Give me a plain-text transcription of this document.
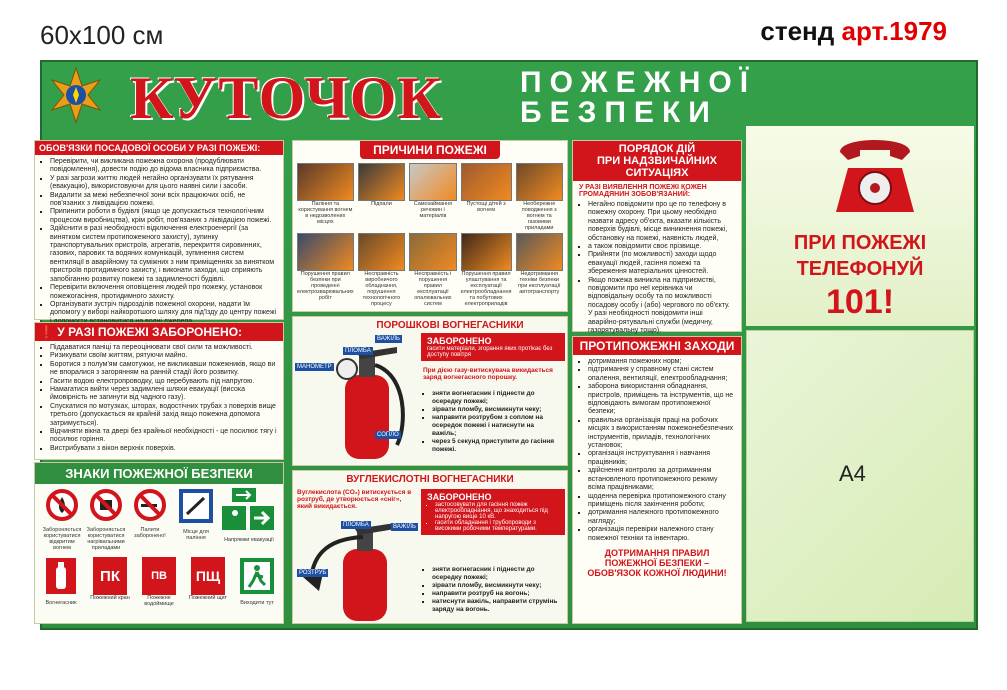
60x100 см	стенд арт.1979
КУТОЧОК	ПОЖЕЖНОЇ
БЕЗПЕКИ
ОБОВ'ЯЗКИ ПОСАДОВОЇ ОСОБИ У РАЗІ ПОЖЕЖІ:
▪ Перевірити, чи викликана пожежна охорона (продублювати повідомлення), довести подію до відома власника підприємства.
▪ У разі загрози життю людей негайно організувати їх рятування (евакуацію), використовуючи для цього наявні сили і засоби.
▪ Видалити за межі небезпечної зони всіх працюючих осіб, не пов'язаних з ліквідацією пожежі.
▪ Припинити роботи в будівлі (якщо це допускається технологічним процесом виробництва), крім робіт, пов'язаних з ліквідацією пожежі.
▪ Здійснити в разі необхідності відключення електроенергії (за винятком систем протипожежного захисту), зупинку транспортувальних пристроїв, агрегатів, перекриття сировинних, газових, парових та водяних комунікацій, зупинення систем вентиляції в аварійному та суміжних з ним приміщеннях за винятком пристроїв протидимного захисту, і виконати заходи, що сприяють запобіганню розвитку пожежі та задимленості будівлі.
▪ Перевірити включення оповіщення людей про пожежу, установок пожежогасіння, протидимного захисту.
▪ Організувати зустріч підрозділів пожежної охорони, надати їм допомогу у виборі найкоротшого шляху для під'їзду до центру пожежі
❗ У РАЗІ ПОЖЕЖІ ЗАБОРОНЕНО:
▪ Піддаватися паніці та переоцінювати свої сили та можливості.
▪ Ризикувати своїм життям, рятуючи майно.
▪ Боротися з полум'ям самотужки, не викликавши пожежників, якщо ви не впоралися з загорянням на ранній стадії його розвитку.
▪ Гасити водою електропроводку, що перебувають під напругою.
▪ Намагатися вийти через задимлені шляхи евакуації (висока ймовірність не загинути від чадного газу).
▪ Спускатися по мотузках, шторах, водостічних трубах з поверхів вище третього (допускається як крайній захід якщо пожежна допомога затримується).
▪ Відчиняти вікна та двері без крайньої необхідності - це посилює тягу і посилює горіння.
▪ Вистрибувати з вікон верхніх поверхів.
ЗНАКИ ПОЖЕЖНОЇ БЕЗПЕКИ
Забороняється користуватися відкритим вогнем
Забороняється користуватися нагрівальними приладами
Палити заборонено!
Місце для паління	Напрямки евакуації
Вогнегасник
ПК
Пожежний кран
ПВ
Пожежне водоймище
ПЩ
Пожежний щит
Виходити тут
ПРИЧИНИ ПОЖЕЖІ
Паління та користування вогнем в недозволених місцях
Підпали	Самозаймання речовин і матеріалів
Пустощі дітей з вогнем
Необережне поводження з вогнем та газовими приладами
Порушення правил безпеки при проведенні електрозварювальних робіт
Несправність виробничого обладнання, порушення технологічного процесу
Несправність і порушення правил експлуатації опалювальних систем
Порушення правил улаштування та експлуатації електрообладнання та побутових електроприладів
Недотримання техніки безпеки при експлуатації автотранспорту
ПОРОШКОВІ ВОГНЕГАСНИКИ
МАНОМЕТР
ПЛОМБА
ВАЖІЛЬ
СОПЛО
ЗАБОРОНЕНО
гасити матеріали, згорання яких протікає без доступу повітря
При дією газу-витискувача викидається заряд вогнегасного порошку.
▪ зняти вогнегасник і піднести до осередку пожежі;
▪ зірвати пломбу, висмикнути чеку;
▪ направити розтрубом з соплом на осередок пожежі і натиснути на важіль;
▪ через 5 секунд приступити до гасіння пожежі.
ВУГЛЕКИСЛОТНІ ВОГНЕГАСНИКИ
Вуглекислота (CO₂) витискується в розтруб, де утворюється «сніг», який викидається.
ПЛОМБА	ВАЖІЛЬ
РОЗТРУБ
ЗАБОРОНЕНО
▪ застосовувати для гасіння пожеж електрообладнання, що знаходиться під напругою вище 10 кВ.
▪ гасити обладнання і трубопроводи з високими робочими температурами.
▪ зняти вогнегасник і піднести до осередку пожежі;
▪ зірвати пломбу, висмикнути чеку;
▪ направити розтруб на вогонь;
▪ натиснути важіль, направити струмінь заряду на вогонь.
ПОРЯДОК ДІЙ
ПРИ НАДЗВИЧАЙНИХ СИТУАЦІЯХ
У РАЗІ ВИЯВЛЕННЯ ПОЖЕЖІ КОЖЕН ГРОМАДЯНИН ЗОБОВ'ЯЗАНИЙ:
▪ Негайно повідомити про це по телефону в пожежну охорону. При цьому необхідно назвати адресу об'єкта, вказати кількість поверхів будівлі, місце виникнення пожежі, обстановку на пожежі, наявність людей,
▪ а також повідомити своє прізвище.
▪ Прийняти (по можливості) заходи щодо евакуації людей, гасіння пожежі та збереження матеріальних цінностей.
▪ Якщо пожежа виникла на підприємстві, повідомити про неї керівника чи відповідальну особу та по можливості посадову особу і (або) чергового по об'єкту. У разі необхідності повідомити інші аварійно-рятувальні служби (медичну, газорятувальну тощо).
ПРОТИПОЖЕЖНІ ЗАХОДИ
▪ дотримання пожежних норм;
▪ підтримання у справному стані систем опалення, вентиляції, електрообладнання;
▪ заборона використання обладнання, пристроїв, приміщень та інструментів, що не відповідають вимогам протипожежної безпеки;
▪ правильна організація праці на робочих місцях з використанням пожежонебезпечних інструментів, приладів, технологічних установок;
▪ організація інструктування і навчання працівників;
▪ здійснення контролю за дотриманням встановленого протипожежного режиму всіма працівниками;
▪ щоденна перевірка протипожежного стану приміщень після закінчення роботи;
▪ дотримання належного протипожежного нагляду;
▪ організація перевірки належного стану пожежної техніки та інвентарю.
ДОТРИМАННЯ ПРАВИЛ
ПОЖЕЖНОЇ БЕЗПЕКИ –
ОБОВ'ЯЗОК КОЖНОЇ ЛЮДИНИ!
ПРИ ПОЖЕЖІ
ТЕЛЕФОНУЙ
101!
А4
